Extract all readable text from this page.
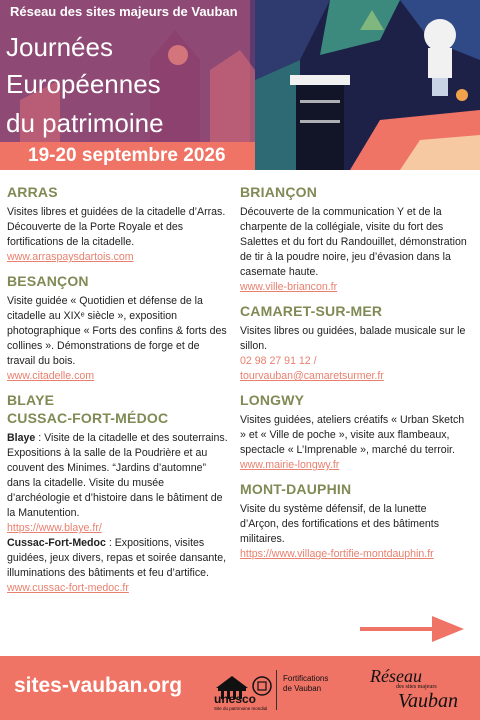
Réseau des sites majeurs de Vauban
Journées
Européennes
du patrimoine
19-20 septembre 2026
ARRAS

Visites libres et guidées de la citadelle d’Arras. Découverte de la Porte Royale et des fortifications de la citadelle.

www.arraspaysdartois.com
BESANÇON

Visite guidée « Quotidien et défense de la citadelle au XIXᵉ siècle », exposition photographique « Forts des confins & forts des collines ». Démonstrations de forge et de travail du bois.

www.citadelle.com
BLAYE
CUSSAC-FORT-MÉDOC

Blaye : Visite de la citadelle et des souterrains. Expositions à la salle de la Poudrière et au couvent des Minimes. “Jardins d’automne” dans la citadelle. Visite du musée d’archéologie et d’histoire dans le bâtiment de la Manutention.

https://www.blaye.fr/

Cussac-Fort-Medoc : Expositions, visites guidées, jeux divers, repas et soirée dansante, illuminations des bâtiments et feu d’artifice.

www.cussac-fort-medoc.fr
BRIANÇON

Découverte de la communication Y et de la charpente de la collégiale, visite du fort des Salettes et du fort du Randouillet, démonstration de tir à la poudre noire, jeu d’évasion dans la casemate haute.

www.ville-briancon.fr
CAMARET-SUR-MER

Visites libres ou guidées, balade musicale sur le sillon.

02 98 27 91 12 /
tourvauban@camaretsurmer.fr
LONGWY

Visites guidées, ateliers créatifs « Urban Sketch » et « Ville de poche », visite aux flambeaux, spectacle « L’Imprenable », marché du terroir.

www.mairie-longwy.fr
MONT-DAUPHIN

Visite du système défensif, de la lunette d’Arçon, des fortifications et des bâtiments militaires.

https://www.village-fortifie-montdauphin.fr
sites-vauban.org
unesco
Site du patrimoine mondial
Fortifications
de Vauban
Réseau
des sites majeurs
Vauban
